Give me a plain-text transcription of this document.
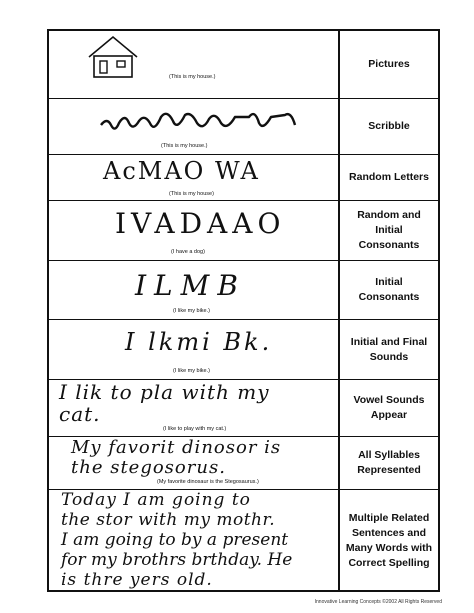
(This is my house.)
Pictures
(This is my house.)
Scribble
AcMAO WA
(This is my house)
Random Letters
IVADAAO
(I have a dog)
Random and Initial Consonants
ILMB
(I like my bike.)
Initial Consonants
I lkmi Bk.
(I like my bike.)
Initial and Final Sounds
I lik to pla with my
cat.
(I like to play with my cat.)
Vowel Sounds Appear
My favorit dinosor is
the stegosorus.
(My favorite dinosaur is the Stegosaurus.)
All Syllables Represented
Today I am going to
the stor with my mothr.
I am going to by a present
for my brothrs brthday. He
is thre yers old.
Multiple Related Sentences and Many Words with Correct Spelling
Innovative Learning Concepts ©2002 All Rights Reserved
